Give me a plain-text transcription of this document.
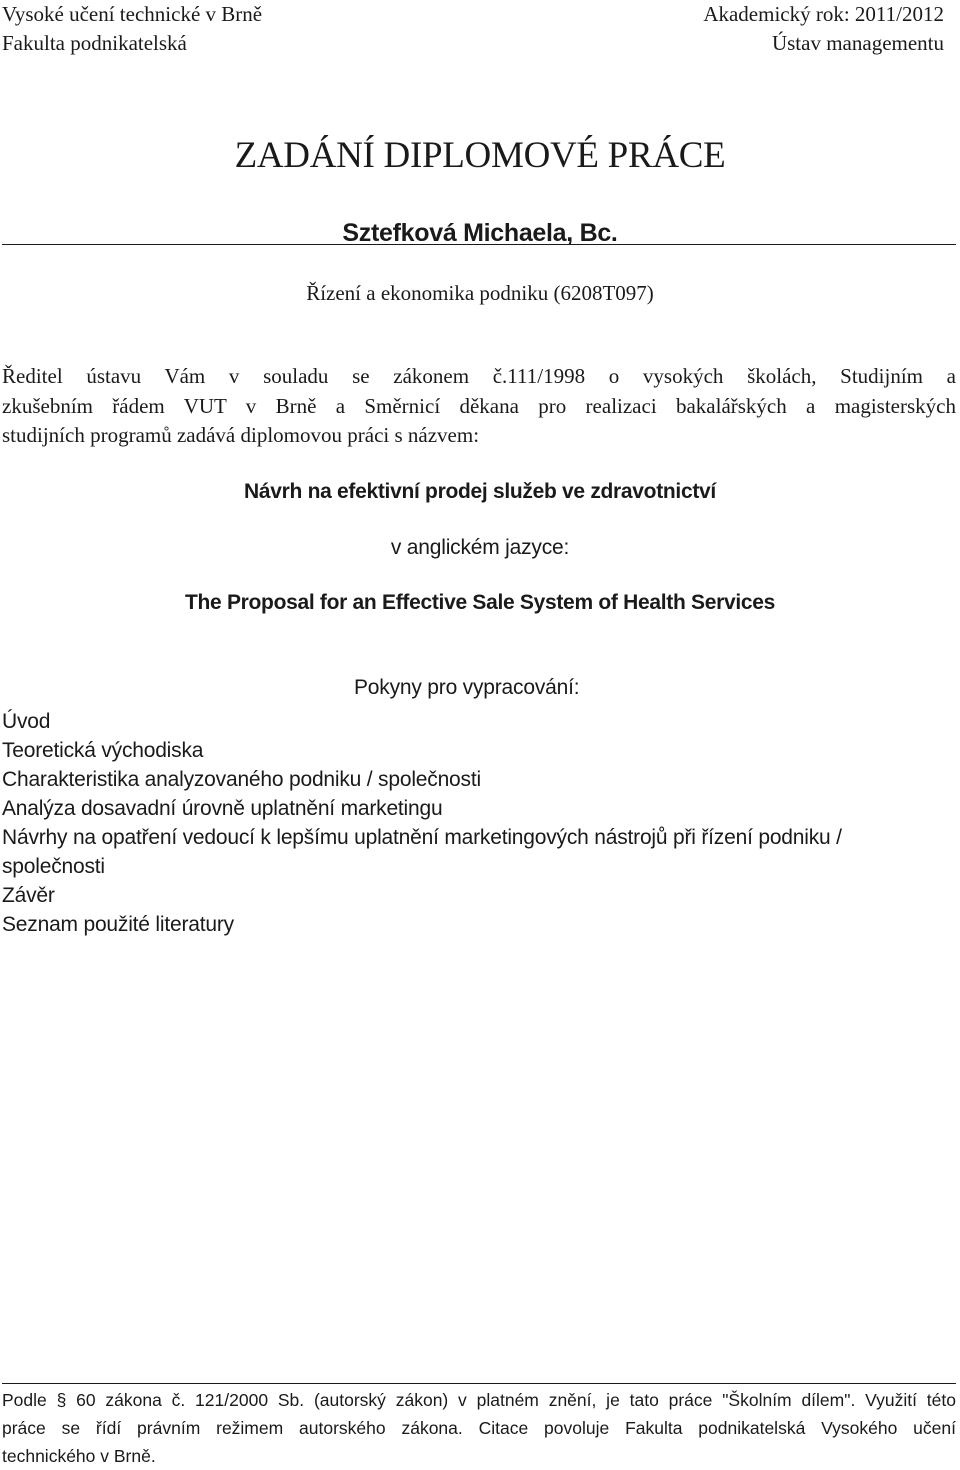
Vysoké učení technické v Brně
Fakulta podnikatelská
Akademický rok: 2011/2012
Ústav managementu
ZADÁNÍ DIPLOMOVÉ PRÁCE
Sztefková Michaela, Bc.
Řízení a ekonomika podniku (6208T097)
Ředitel ústavu Vám v souladu se zákonem č.111/1998 o vysokých školách, Studijním a
zkušebním řádem VUT v Brně a Směrnicí děkana pro realizaci bakalářských a magisterských
studijních programů zadává diplomovou práci s názvem:
Návrh na efektivní prodej služeb ve zdravotnictví
v anglickém jazyce:
The Proposal for an Effective Sale System of Health Services
Pokyny pro vypracování:
Úvod
Teoretická východiska
Charakteristika analyzovaného podniku / společnosti
Analýza dosavadní úrovně uplatnění marketingu
Návrhy na opatření vedoucí k lepšímu uplatnění marketingových nástrojů při řízení podniku /
společnosti
Závěr
Seznam použité literatury
Podle § 60 zákona č. 121/2000 Sb. (autorský zákon) v platném znění, je tato práce "Školním dílem". Využití této
práce se řídí právním režimem autorského zákona. Citace povoluje Fakulta podnikatelská Vysokého učení
technického v Brně.
